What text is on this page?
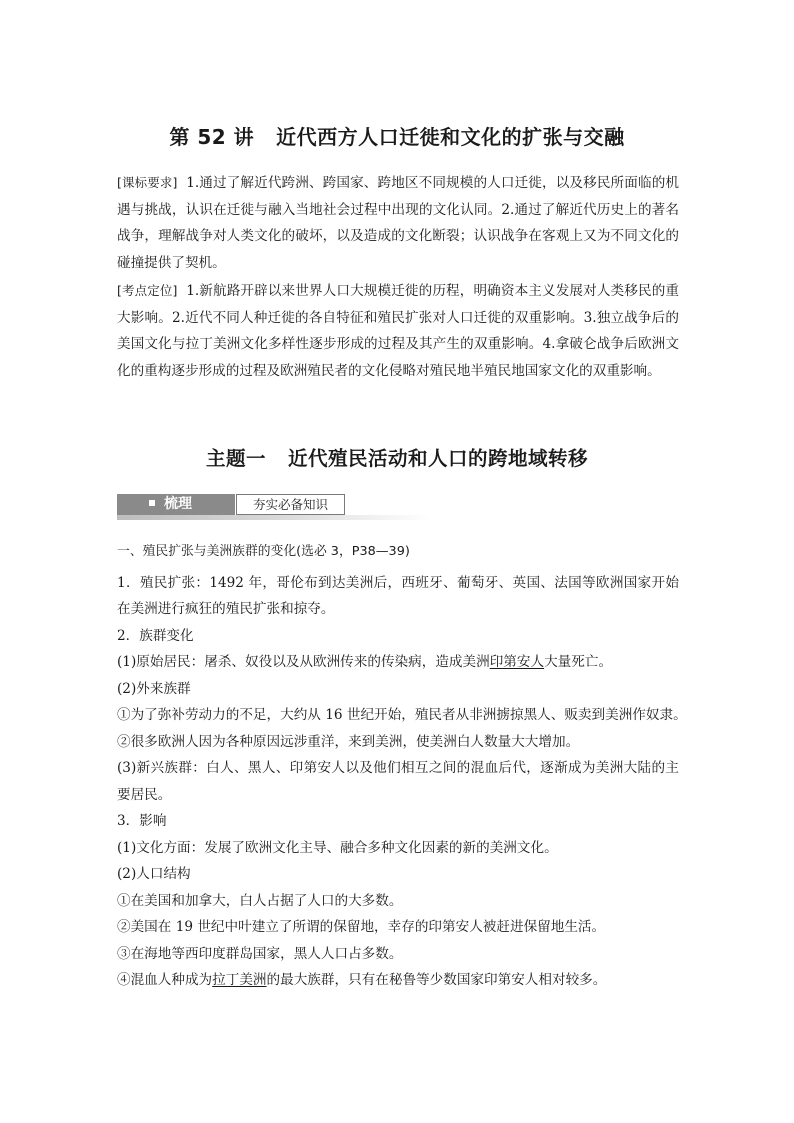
第 52 讲 近代西方人口迁徙和文化的扩张与交融
[课标要求] 1.通过了解近代跨洲、跨国家、跨地区不同规模的人口迁徙，以及移民所面临的机遇与挑战，认识在迁徙与融入当地社会过程中出现的文化认同。2.通过了解近代历史上的著名战争，理解战争对人类文化的破坏，以及造成的文化断裂；认识战争在客观上又为不同文化的碰撞提供了契机。
[考点定位] 1.新航路开辟以来世界人口大规模迁徙的历程，明确资本主义发展对人类移民的重大影响。2.近代不同人种迁徙的各自特征和殖民扩张对人口迁徙的双重影响。3.独立战争后的美国文化与拉丁美洲文化多样性逐步形成的过程及其产生的双重影响。4.拿破仑战争后欧洲文化的重构逐步形成的过程及欧洲殖民者的文化侵略对殖民地半殖民地国家文化的双重影响。
主题一 近代殖民活动和人口的跨地域转移
梳理	夯实必备知识
一、殖民扩张与美洲族群的变化(选必 3，P38—39)
1．殖民扩张：1492 年，哥伦布到达美洲后，西班牙、葡萄牙、英国、法国等欧洲国家开始在美洲进行疯狂的殖民扩张和掠夺。
2．族群变化
(1)原始居民：屠杀、奴役以及从欧洲传来的传染病，造成美洲印第安人大量死亡。
(2)外来族群
①为了弥补劳动力的不足，大约从 16 世纪开始，殖民者从非洲掳掠黑人、贩卖到美洲作奴隶。
②很多欧洲人因为各种原因远涉重洋，来到美洲，使美洲白人数量大大增加。
(3)新兴族群：白人、黑人、印第安人以及他们相互之间的混血后代，逐渐成为美洲大陆的主要居民。
3．影响
(1)文化方面：发展了欧洲文化主导、融合多种文化因素的新的美洲文化。
(2)人口结构
①在美国和加拿大，白人占据了人口的大多数。
②美国在 19 世纪中叶建立了所谓的保留地，幸存的印第安人被赶进保留地生活。
③在海地等西印度群岛国家，黑人人口占多数。
④混血人种成为拉丁美洲的最大族群，只有在秘鲁等少数国家印第安人相对较多。
